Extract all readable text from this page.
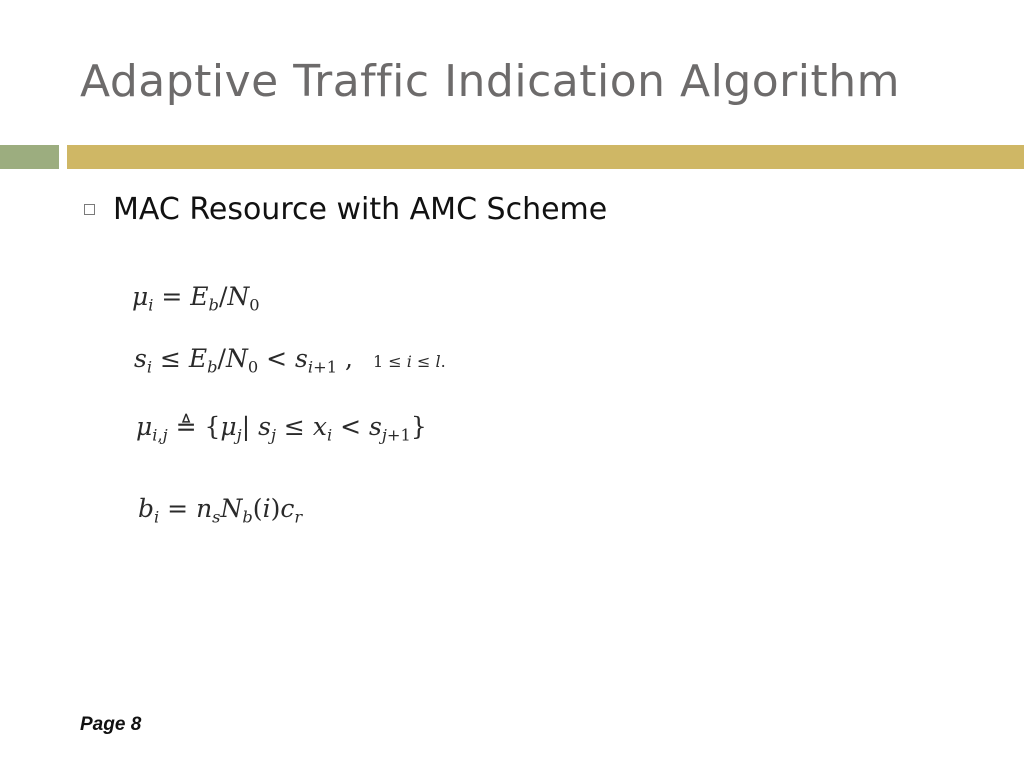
Adaptive Traffic Indication Algorithm
MAC Resource with AMC Scheme
$\mu_i = E_b/N_0$
$s_i \le E_b/N_0 < s_{i+1}$ , 1 ≤ i ≤ l.
$\mu_{i,j}$ ≜ {$\mu_j|$ $s_j \le x_i < s_{j+1}$}
$b_i = n_sN_b(i)c_r$
Page 8
